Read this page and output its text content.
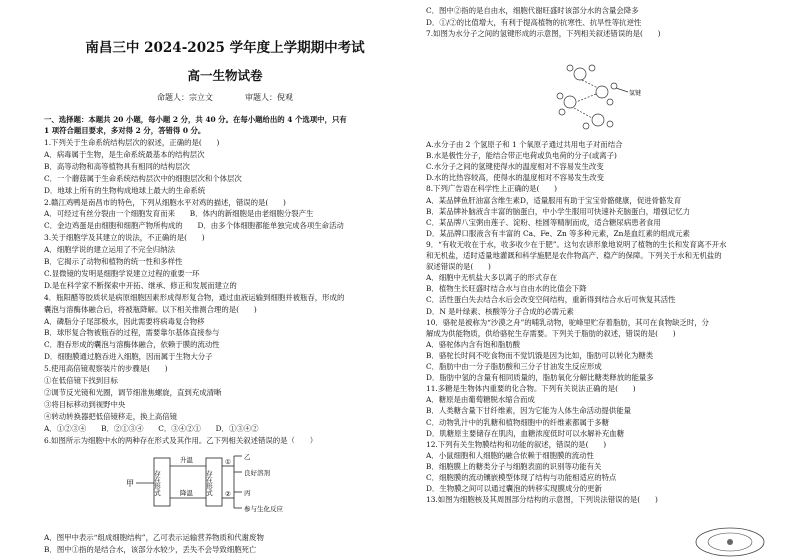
南昌三中 2024-2025 学年度上学期期中考试
高一生物试卷
命题人：宗立文　　　　审题人：倪观
一、选择题：本题共 20 小题，每小题 2 分，共 40 分。在每小题给出的 4 个选项中，只有
1 项符合题目要求，多对得 2 分，答错得 0 分。
甲	存在形式
升温
降温 存在形式
①
②
乙
良好溶剂
丙
参与生化反应
氢键
1.下列关于生命系统结构层次的叙述，正确的是(　　)
A．病毒属于生物，是生命系统最基本的结构层次
B．高等动物和高等植物具有相同的结构层次
C．一个蘑菇属于生命系统结构层次中的细胞层次和个体层次
D．地球上所有的生物构成地球上最大的生命系统
2.赣江鸡鸭是南昌市的特色，下列从细胞水平对鸡的描述，错误的是(　　)
A．可经过有丝分裂由一个细胞发育而来　　B．体内的新细胞是由老细胞分裂产生
C．金边鸡蛋是由细胞和细胞产物所构成的　　D．由多个体细胞都能单独完成各项生命活动
3.关于细胞学及其建立的说法，不正确的是(　　)
A．细胞学说的建立运用了不完全归纳法
B．它揭示了动物和植物的统一性和多样性
C.显微镜的发明是细胞学说建立过程的重要一环
D.是在科学家不断探索中开拓、继承、修正和发展而建立的
4．瓶阳醋等胶质状是病原细胞因素形成得形复合物，通过血液运输到细胞并被瓶吞，形成的
囊泡与溶酶体融合后，将被瓶降解。以下相关推测合理的是(　　)
A．磷脂分子尾部极水，因此需要将病毒复合物移
B．球形复合物被瓶吞的过程，需要靠尔基体直接参与
C．胞吞形成的囊泡与溶酶体融合，依赖于膜的流动性
D．细胞膜通过胞吞进入细胞，因而属于生物大分子
5.使用高倍镜观察装片的步骤是(　　)
①在低倍镜下找到目标
②调节反光镜和光圈，调节细准焦螺旋，直到充成清晰
③将目标移动到视野中央
④转动转换器把低倍镜移走，换上高倍镜
A．①②③④　　B．②①③④　　C．③④②①　　D．①③④②
6.如图所示为细胞中水的两种存在形式及其作用。乙下列相关叙述错误的是（　　）
A．图甲中表示“组成细胞结构”，乙可表示运输营养物质和代谢废物
B．图中①指的是结合水，该部分水较少，丢失不会导致细胞死亡
C．图中②指的是自由水，细胞代谢旺盛时该部分水的含量会降多
D．①/②的比值增大，有利于提高植物的抗寒性、抗旱性等抗逆性
7.如图为水分子之间的氢键形成的示意图，下列相关叙述错误的是(　　)
A.水分子由 2 个氢原子和 1 个氧原子通过共用电子对而结合
B.水是极性分子，能结合带正电荷或负电荷的分子(或离子)
C.水分子之间的氢键使得水的温度相对不容易发生改变
D.水的比热容较高，使得水的温度相对不容易发生改变
8.下列广告语在科学性上正确的是(　　)
A．某品牌鱼肝油富含维生素D，适量服用有助于宝宝骨骼健康，促进骨骼发育
B．某品牌补脑液含丰富的脑蛋白，中小学生服用可快速补充脑蛋白，增强记忆力
C．某品牌八宝粥由莲子、淀粉、桂圆等精制而成，适合糖尿病患者食用
D．某品牌口服液含有丰富的 Ca、Fe、Zn 等多种元素，Zn是血红素的组成元素
9．“有收无收在于水，收多收少在于肥”。这句农谚形象地说明了植物的生长和发育离不开水
和无机盐，适时适量地灌溉和科学施肥是农作物高产、稳产的保障。下列关于水和无机盐的
叙述错误的是(　　)
A．细胞中无机盐大多以离子的形式存在
B．植物生长旺盛时结合水与自由水的比值会下降
C．活性蛋白失去结合水后会改变空间结构，重新得到结合水后可恢复其活性
D．N 是叶绿素、核酸等分子合成的必需元素
10．骆驼是被称为“沙漠之舟”的哺乳动物，驼峰里贮存着脂肪，其可在食物缺乏时，分
解成为供能物质，供给骆驼生存需要。下列关于脂肪的叙述，错误的是(　　)
A．骆驼体内含有饱和脂肪酸
B．骆驼长时间不吃食物而不觉饥饿是因为比如，脂肪可以转化为糖类
C．脂肪中由一分子脂肪酸和三分子甘油发生反应形成
D．脂肪中氢的含量有相同质量的，脂肪氧化分解比糖类释放的能量多
11.多糖是生物体内重要的化合物。下列有关说法正确的是(　　)
A．糖原是由葡萄糖脱水缩合而成
B．人类糖含量下甘纤维素，因为它能为人体生命活动提供能量
C．动物乳汁中的乳糖和植物细胞中的纤维素都属于多糖
D．肌糖原主要储存在肌肉，血糖浓度低时可以水解补充血糖
12.下列有关生物膜结构和功能的叙述，错误的是(　　)
A．小鼠细胞和人细胞的融合依赖于细胞膜的流动性
B．细胞膜上的糖类分子与细胞表面的识别等功能有关
C．细胞膜的流动镶嵌模型体现了结构与功能相适应的特点
D．生物膜之间可以通过囊泡的转移实现膜成分的更新
13.如图为细胞核及其周围部分结构的示意图，下列说法错误的是(　　)
